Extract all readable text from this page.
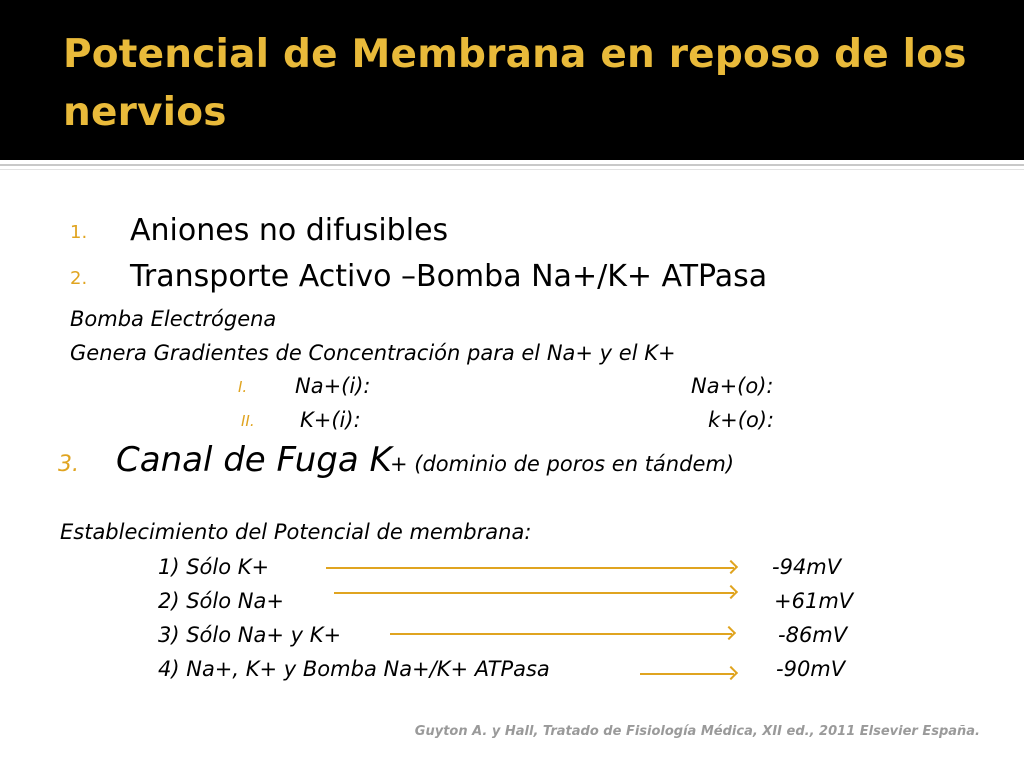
Potencial de Membrana en reposo de los nervios
1. Aniones no difusibles
2. Transporte Activo –Bomba Na+/K+ ATPasa
Bomba Electrógena
Genera Gradientes de Concentración para el Na+ y el K+
I. Na+(i):	Na+(o):
II. K+(i):	k+(o):
3. Canal de Fuga K
+ (dominio de poros en tándem)
Establecimiento del Potencial de membrana:
1) Sólo K+	-94mV
2) Sólo Na+	+61mV
3) Sólo Na+ y K+	-86mV
4) Na+, K+ y Bomba Na+/K+ ATPasa	-90mV
Guyton A. y Hall, Tratado de Fisiología Médica, XII ed., 2011 Elsevier España.
